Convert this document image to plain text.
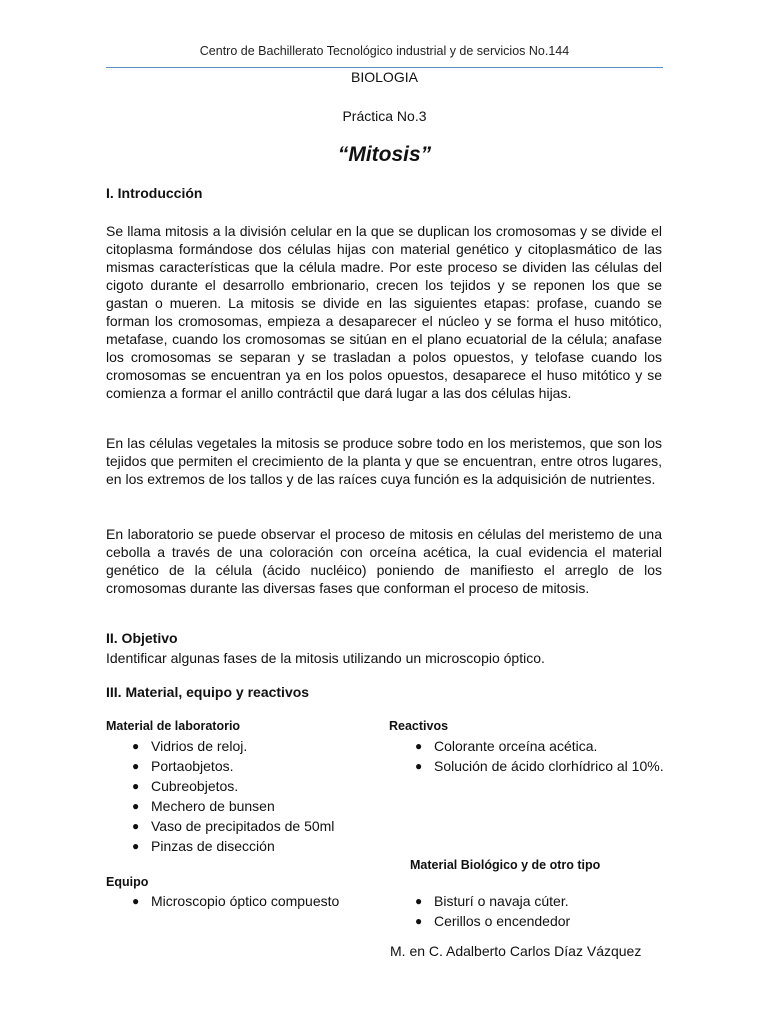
Centro de Bachillerato Tecnológico industrial y de servicios No.144
BIOLOGIA
Práctica No.3
“Mitosis”
I. Introducción

Se llama mitosis a la división celular en la que se duplican los cromosomas y se divide el citoplasma formándose dos células hijas con material genético y citoplasmático de las mismas características que la célula madre. Por este proceso se dividen las células del cigoto durante el desarrollo embrionario, crecen los tejidos y se reponen los que se gastan o mueren. La mitosis se divide en las siguientes etapas: profase, cuando se forman los cromosomas, empieza a desaparecer el núcleo y se forma el huso mitótico, metafase, cuando los cromosomas se sitúan en el plano ecuatorial de la célula; anafase los cromosomas se separan y se trasladan a polos opuestos, y telofase cuando los cromosomas se encuentran ya en los polos opuestos, desaparece el huso mitótico y se comienza a formar el anillo contráctil que dará lugar a las dos células hijas.

En las células vegetales la mitosis se produce sobre todo en los meristemos, que son los tejidos que permiten el crecimiento de la planta y que se encuentran, entre otros lugares, en los extremos de los tallos y de las raíces cuya función es la adquisición de nutrientes.

En laboratorio se puede observar el proceso de mitosis en células del meristemo de una cebolla a través de una coloración con orceína acética, la cual evidencia el material genético de la célula (ácido nucléico) poniendo de manifiesto el arreglo de los cromosomas durante las diversas fases que conforman el proceso de mitosis.

II. Objetivo

Identificar algunas fases de la mitosis utilizando un microscopio óptico.

III. Material, equipo y reactivos
Material de laboratorio
● Vidrios de reloj.
● Portaobjetos.
● Cubreobjetos.
● Mechero de bunsen
● Vaso de precipitados de 50ml
● Pinzas de disección
Reactivos
● Colorante orceína acética.
● Solución de ácido clorhídrico al 10%.
Material Biológico y de otro tipo
Equipo
● Microscopio óptico compuesto	● Bisturí o navaja cúter.
● Cerillos o encendedor
M. en C. Adalberto Carlos Díaz Vázquez
